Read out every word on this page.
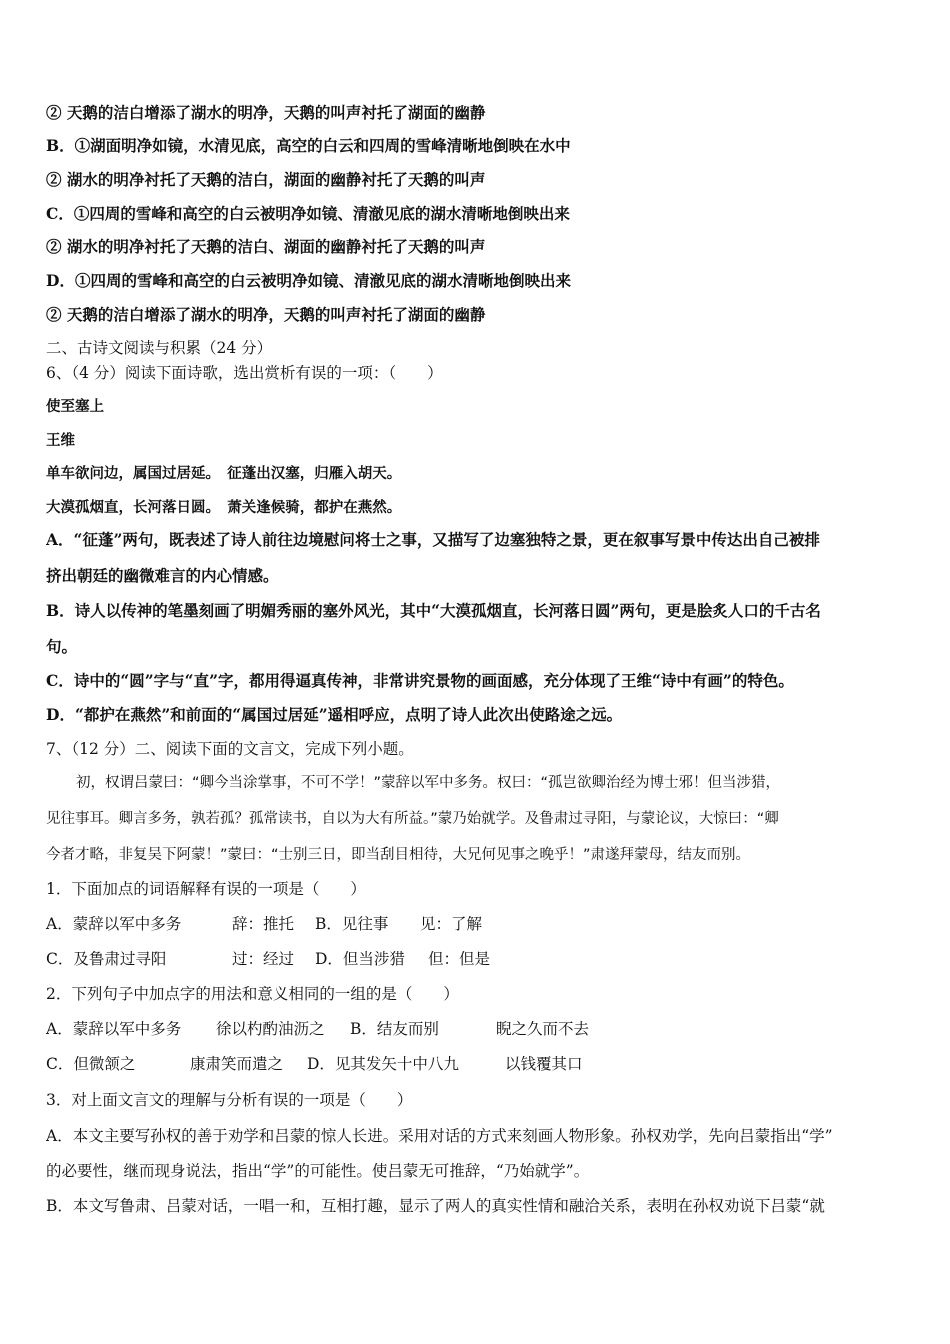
② 天鹅的洁白增添了湖水的明净，天鹅的叫声衬托了湖面的幽静
B．①湖面明净如镜，水清见底，高空的白云和四周的雪峰清晰地倒映在水中
② 湖水的明净衬托了天鹅的洁白，湖面的幽静衬托了天鹅的叫声
C．①四周的雪峰和高空的白云被明净如镜、清澈见底的湖水清晰地倒映出来
② 湖水的明净衬托了天鹅的洁白、湖面的幽静衬托了天鹅的叫声
D．①四周的雪峰和高空的白云被明净如镜、清澈见底的湖水清晰地倒映出来
② 天鹅的洁白增添了湖水的明净，天鹅的叫声衬托了湖面的幽静
二、古诗文阅读与积累（24 分）
6、（4 分）阅读下面诗歌，选出赏析有误的一项：（　　）
使至塞上
王维
单车欲问边，属国过居延。　征蓬出汉塞，归雁入胡天。
大漠孤烟直，长河落日圆。　萧关逢候骑，都护在燕然。
A．“征蓬”两句，既表述了诗人前往边境慰问将士之事，又描写了边塞独特之景，更在叙事写景中传达出自己被排
挤出朝廷的幽微难言的内心情感。
B．诗人以传神的笔墨刻画了明媚秀丽的塞外风光，其中“大漠孤烟直，长河落日圆”两句，更是脍炙人口的千古名
句。
C．诗中的“圆”字与“直”字，都用得逼真传神，非常讲究景物的画面感，充分体现了王维“诗中有画”的特色。
D．“都护在燕然”和前面的“属国过居延”遥相呼应，点明了诗人此次出使路途之远。
7、（12 分）二、阅读下面的文言文，完成下列小题。
初，权谓吕蒙曰：“卿今当涂掌事，不可不学！”蒙辞以军中多务。权曰：“孤岂欲卿治经为博士邪！但当涉猎，
见往事耳。卿言多务，孰若孤？孤常读书，自以为大有所益。”蒙乃始就学。及鲁肃过寻阳，与蒙论议，大惊曰：“卿
今者才略，非复吴下阿蒙！”蒙曰：“士别三日，即当刮目相待，大兄何见事之晚乎！”肃遂拜蒙母，结友而别。
1．下面加点的词语解释有误的一项是（　　）
A．蒙辞以军中多务	辞：推托 B．见往事 见：了解
C．及鲁肃过寻阳	过：经过 D．但当涉猎 但：但是
2．下列句子中加点字的用法和意义相同的一组的是（　　）
A．蒙辞以军中多务 徐以杓酌油沥之 B．结友而别	睨之久而不去
C．但微颔之	康肃笑而遣之 D．见其发矢十中八九	以钱覆其口
3．对上面文言文的理解与分析有误的一项是（　　）
A．本文主要写孙权的善于劝学和吕蒙的惊人长进。采用对话的方式来刻画人物形象。孙权劝学，先向吕蒙指出“学”
的必要性，继而现身说法，指出“学”的可能性。使吕蒙无可推辞，“乃始就学”。
B．本文写鲁肃、吕蒙对话，一唱一和，互相打趣，显示了两人的真实性情和融洽关系，表明在孙权劝说下吕蒙“就
